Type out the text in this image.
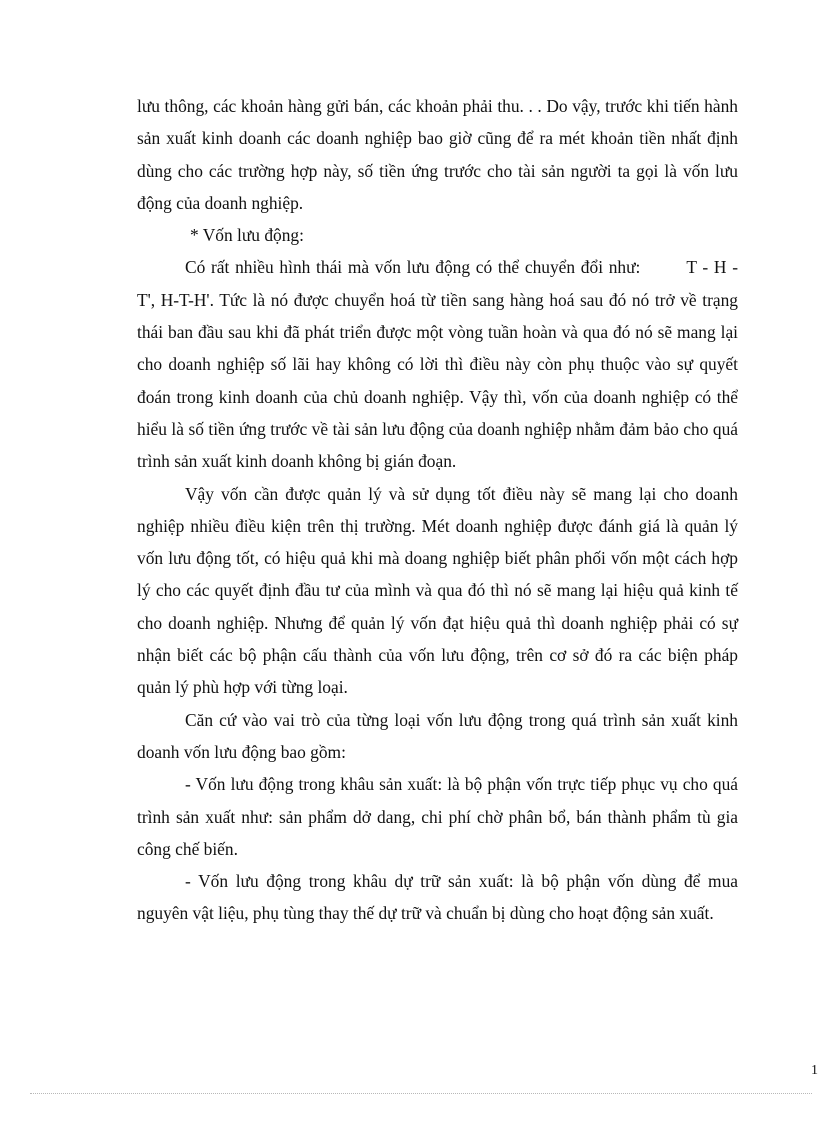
lưu thông, các khoản hàng gửi bán, các khoản phải thu. . . Do vậy, trước khi tiến hành sản xuất kinh doanh các doanh nghiệp bao giờ cũng để ra mét khoản tiền nhất định dùng cho các trường hợp này, số tiền ứng trước cho tài sản người ta gọi là vốn lưu động của doanh nghiệp.

* Vốn lưu động:

Có rất nhiều hình thái mà vốn lưu động có thể chuyển đổi như:	T - H - T', H-T-H'. Tức là nó được chuyển hoá từ tiền sang hàng hoá sau đó nó trở về trạng thái ban đầu sau khi đã phát triển được một vòng tuần hoàn và qua đó nó sẽ mang lại cho doanh nghiệp số lãi hay không có lời thì điều này còn phụ thuộc vào sự quyết đoán trong kinh doanh của chủ doanh nghiệp. Vậy thì, vốn của doanh nghiệp có thể hiểu là số tiền ứng trước về tài sản lưu động của doanh nghiệp nhằm đảm bảo cho quá trình sản xuất kinh doanh không bị gián đoạn.

Vậy vốn cần được quản lý và sử dụng tốt điều này sẽ mang lại cho doanh nghiệp nhiều điều kiện trên thị trường. Mét doanh nghiệp được đánh giá là quản lý vốn lưu động tốt, có hiệu quả khi mà doang nghiệp biết phân phối vốn một cách hợp lý cho các quyết định đầu tư của mình và qua đó thì nó sẽ mang lại hiệu quả kinh tế cho doanh nghiệp. Nhưng để quản lý vốn đạt hiệu quả thì doanh nghiệp phải có sự nhận biết các bộ phận cấu thành của vốn lưu động, trên cơ sở đó ra các biện pháp quản lý phù hợp với từng loại.

Căn cứ vào vai trò của từng loại vốn lưu động trong quá trình sản xuất kinh doanh vốn lưu động bao gồm:

- Vốn lưu động trong khâu sản xuất: là bộ phận vốn trực tiếp phục vụ cho quá trình sản xuất như: sản phẩm dở dang, chi phí chờ phân bổ, bán thành phẩm tù gia công chế biến.

- Vốn lưu động trong khâu dự trữ sản xuất: là bộ phận vốn dùng để mua nguyên vật liệu, phụ tùng thay thế dự trữ và chuẩn bị dùng cho hoạt động sản xuất.

1
